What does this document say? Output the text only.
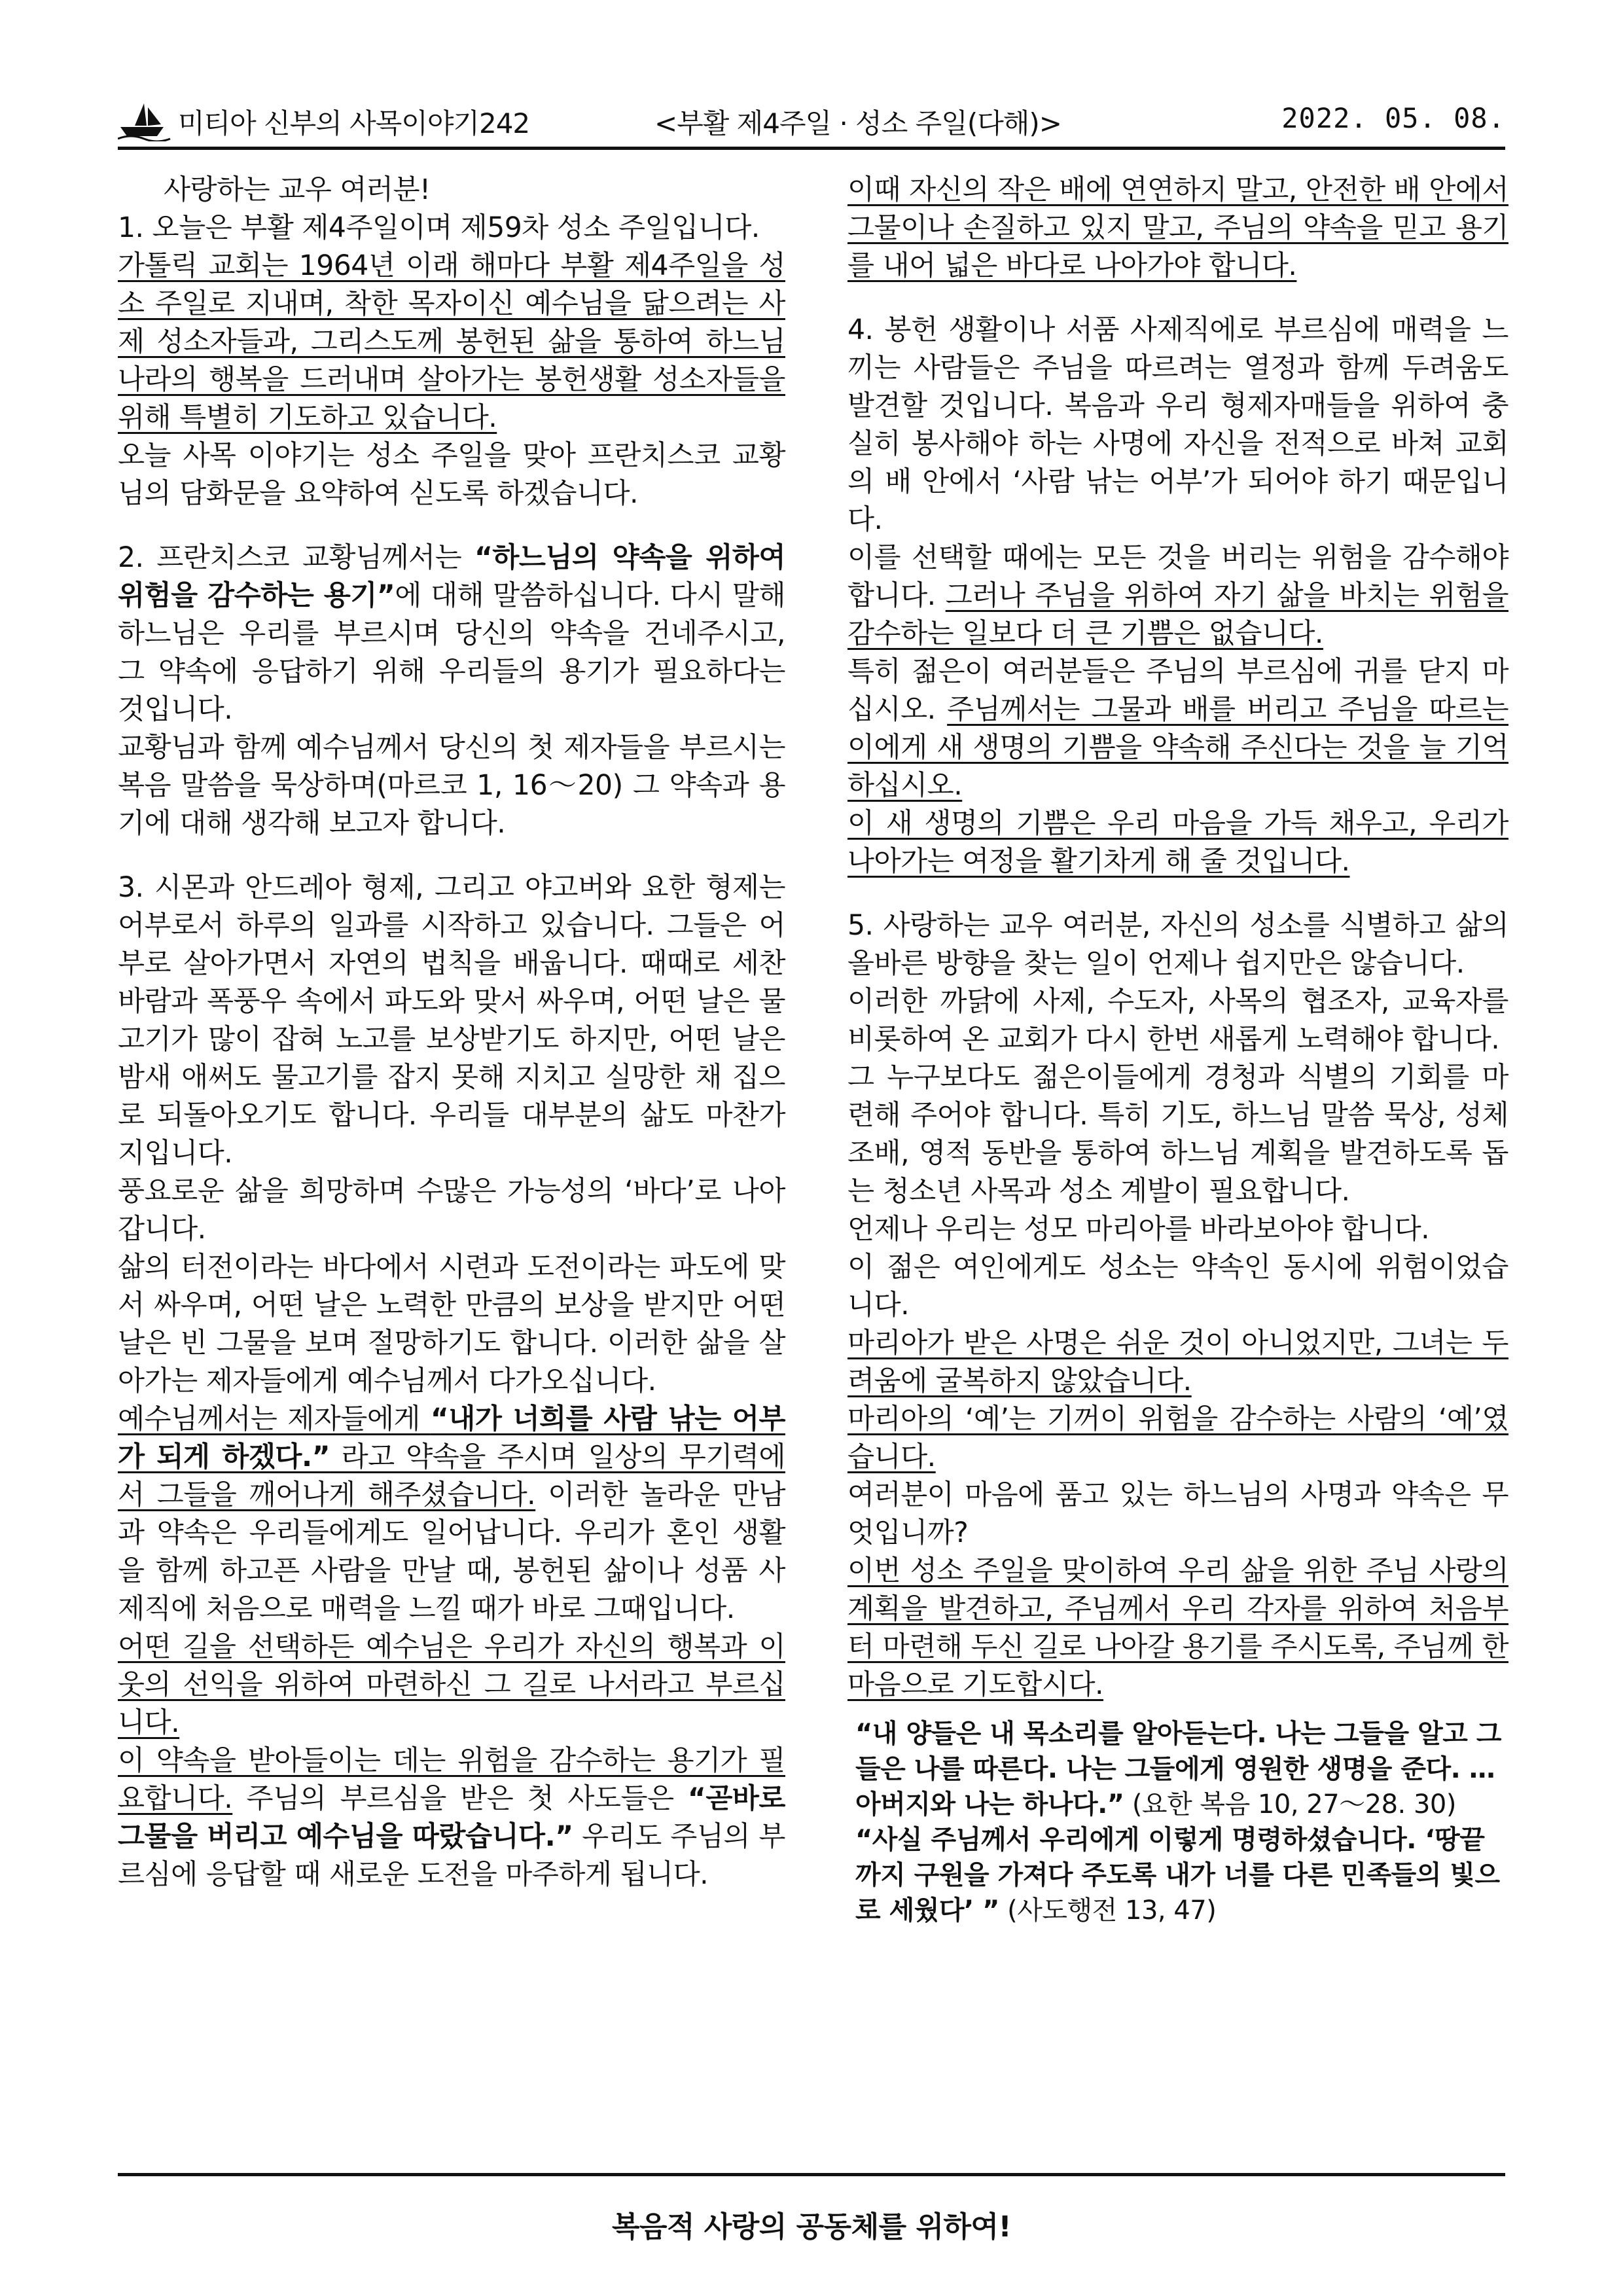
미티아 신부의 사목이야기242	<부활 제4주일 · 성소 주일(다해)>	2022. 05. 08.

사랑하는 교우 여러분!

1. 오늘은 부활 제4주일이며 제59차 성소 주일입니다.

가톨릭 교회는 1964년 이래 해마다 부활 제4주일을 성소 주일로 지내며, 착한 목자이신 예수님을 닮으려는 사제 성소자들과, 그리스도께 봉헌된 삶을 통하여 하느님 나라의 행복을 드러내며 살아가는 봉헌생활 성소자들을 위해 특별히 기도하고 있습니다.

오늘 사목 이야기는 성소 주일을 맞아 프란치스코 교황님의 담화문을 요약하여 싣도록 하겠습니다.

2. 프란치스코 교황님께서는 “하느님의 약속을 위하여 위험을 감수하는 용기”에 대해 말씀하십니다. 다시 말해 하느님은 우리를 부르시며 당신의 약속을 건네주시고, 그 약속에 응답하기 위해 우리들의 용기가 필요하다는 것입니다.

교황님과 함께 예수님께서 당신의 첫 제자들을 부르시는 복음 말씀을 묵상하며(마르코 1, 16～20) 그 약속과 용기에 대해 생각해 보고자 합니다.

3. 시몬과 안드레아 형제, 그리고 야고버와 요한 형제는 어부로서 하루의 일과를 시작하고 있습니다. 그들은 어부로 살아가면서 자연의 법칙을 배웁니다. 때때로 세찬 바람과 폭풍우 속에서 파도와 맞서 싸우며, 어떤 날은 물고기가 많이 잡혀 노고를 보상받기도 하지만, 어떤 날은 밤새 애써도 물고기를 잡지 못해 지치고 실망한 채 집으로 되돌아오기도 합니다. 우리들 대부분의 삶도 마찬가지입니다.

풍요로운 삶을 희망하며 수많은 가능성의 ‘바다’로 나아갑니다.

삶의 터전이라는 바다에서 시련과 도전이라는 파도에 맞서 싸우며, 어떤 날은 노력한 만큼의 보상을 받지만 어떤 날은 빈 그물을 보며 절망하기도 합니다. 이러한 삶을 살아가는 제자들에게 예수님께서 다가오십니다.

예수님께서는 제자들에게 “내가 너희를 사람 낚는 어부가 되게 하겠다.” 라고 약속을 주시며 일상의 무기력에서 그들을 깨어나게 해주셨습니다. 이러한 놀라운 만남과 약속은 우리들에게도 일어납니다. 우리가 혼인 생활을 함께 하고픈 사람을 만날 때, 봉헌된 삶이나 성품 사제직에 처음으로 매력을 느낄 때가 바로 그때입니다.

어떤 길을 선택하든 예수님은 우리가 자신의 행복과 이웃의 선익을 위하여 마련하신 그 길로 나서라고 부르십니다.

이 약속을 받아들이는 데는 위험을 감수하는 용기가 필요합니다. 주님의 부르심을 받은 첫 사도들은 “곧바로 그물을 버리고 예수님을 따랐습니다.” 우리도 주님의 부르심에 응답할 때 새로운 도전을 마주하게 됩니다.

이때 자신의 작은 배에 연연하지 말고, 안전한 배 안에서 그물이나 손질하고 있지 말고, 주님의 약속을 믿고 용기를 내어 넓은 바다로 나아가야 합니다.

4. 봉헌 생활이나 서품 사제직에로 부르심에 매력을 느끼는 사람들은 주님을 따르려는 열정과 함께 두려움도 발견할 것입니다. 복음과 우리 형제자매들을 위하여 충실히 봉사해야 하는 사명에 자신을 전적으로 바쳐 교회의 배 안에서 ‘사람 낚는 어부’가 되어야 하기 때문입니다.

이를 선택할 때에는 모든 것을 버리는 위험을 감수해야 합니다. 그러나 주님을 위하여 자기 삶을 바치는 위험을 감수하는 일보다 더 큰 기쁨은 없습니다.

특히 젊은이 여러분들은 주님의 부르심에 귀를 닫지 마십시오. 주님께서는 그물과 배를 버리고 주님을 따르는 이에게 새 생명의 기쁨을 약속해 주신다는 것을 늘 기억하십시오.

이 새 생명의 기쁨은 우리 마음을 가득 채우고, 우리가 나아가는 여정을 활기차게 해 줄 것입니다.

5. 사랑하는 교우 여러분, 자신의 성소를 식별하고 삶의 올바른 방향을 찾는 일이 언제나 쉽지만은 않습니다.

이러한 까닭에 사제, 수도자, 사목의 협조자, 교육자를 비롯하여 온 교회가 다시 한번 새롭게 노력해야 합니다.

그 누구보다도 젊은이들에게 경청과 식별의 기회를 마련해 주어야 합니다. 특히 기도, 하느님 말씀 묵상, 성체 조배, 영적 동반을 통하여 하느님 계획을 발견하도록 돕는 청소년 사목과 성소 계발이 필요합니다.

언제나 우리는 성모 마리아를 바라보아야 합니다.

이 젊은 여인에게도 성소는 약속인 동시에 위험이었습니다.

마리아가 받은 사명은 쉬운 것이 아니었지만, 그녀는 두려움에 굴복하지 않았습니다.

마리아의 ‘예’는 기꺼이 위험을 감수하는 사람의 ‘예’였습니다.

여러분이 마음에 품고 있는 하느님의 사명과 약속은 무엇입니까?

이번 성소 주일을 맞이하여 우리 삶을 위한 주님 사랑의 계획을 발견하고, 주님께서 우리 각자를 위하여 처음부터 마련해 두신 길로 나아갈 용기를 주시도록, 주님께 한마음으로 기도합시다.

“내 양들은 내 목소리를 알아듣는다. 나는 그들을 알고 그들은 나를 따른다. 나는 그들에게 영원한 생명을 준다. … 아버지와 나는 하나다.” (요한 복음 10, 27～28. 30)

“사실 주님께서 우리에게 이렇게 명령하셨습니다. ‘땅끝까지 구원을 가져다 주도록 내가 너를 다른 민족들의 빛으로 세웠다’ ” (사도행전 13, 47)

복음적 사랑의 공동체를 위하여!
